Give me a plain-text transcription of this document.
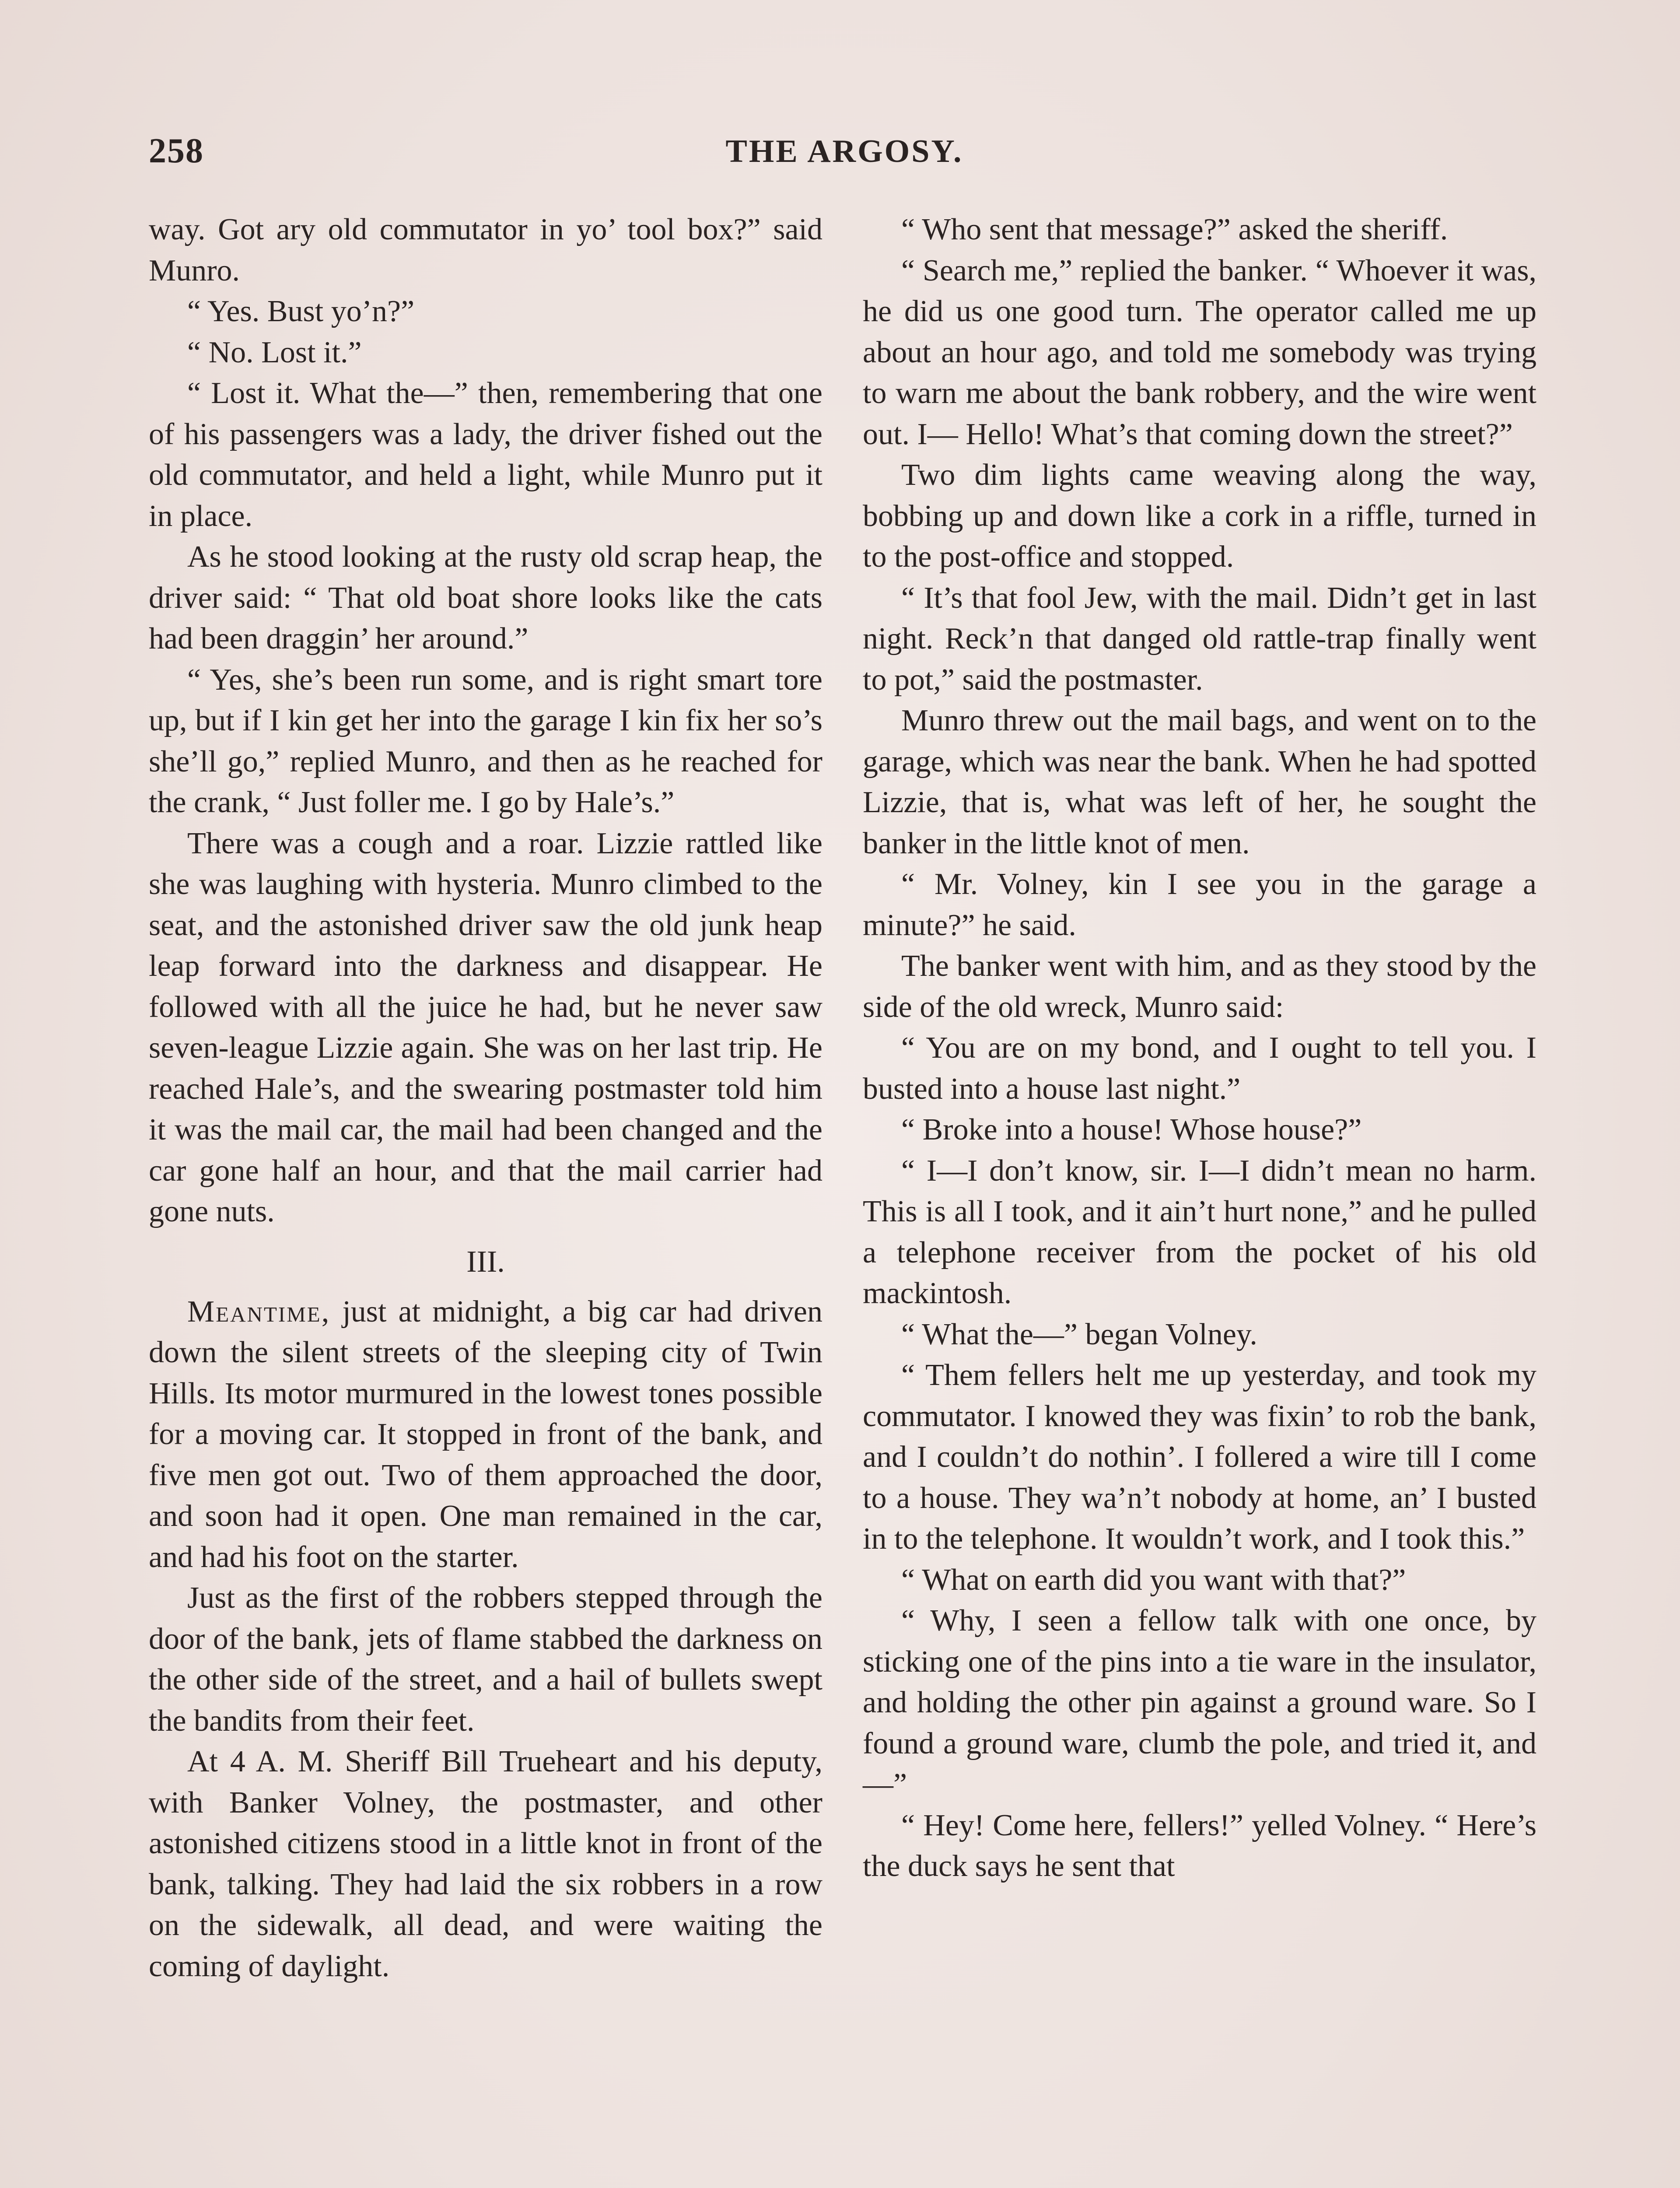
258	THE ARGOSY.

way. Got ary old commutator in yo’ tool box?” said Munro.

“ Yes. Bust yo’n?”

“ No. Lost it.”

“ Lost it. What the—” then, remembering that one of his passengers was a lady, the driver fished out the old commutator, and held a light, while Munro put it in place.

As he stood looking at the rusty old scrap heap, the driver said: “ That old boat shore looks like the cats had been draggin’ her around.”

“ Yes, she’s been run some, and is right smart tore up, but if I kin get her into the garage I kin fix her so’s she’ll go,” replied Munro, and then as he reached for the crank, “ Just foller me. I go by Hale’s.”

There was a cough and a roar. Lizzie rattled like she was laughing with hysteria. Munro climbed to the seat, and the astonished driver saw the old junk heap leap forward into the darkness and disappear. He followed with all the juice he had, but he never saw seven-league Lizzie again. She was on her last trip. He reached Hale’s, and the swearing postmaster told him it was the mail car, the mail had been changed and the car gone half an hour, and that the mail carrier had gone nuts.

III.

Meantime, just at midnight, a big car had driven down the silent streets of the sleeping city of Twin Hills. Its motor murmured in the lowest tones possible for a moving car. It stopped in front of the bank, and five men got out. Two of them approached the door, and soon had it open. One man remained in the car, and had his foot on the starter.

Just as the first of the robbers stepped through the door of the bank, jets of flame stabbed the darkness on the other side of the street, and a hail of bullets swept the bandits from their feet.

At 4 A. M. Sheriff Bill Trueheart and his deputy, with Banker Volney, the postmaster, and other astonished citizens stood in a little knot in front of the bank, talking. They had laid the six robbers in a row on the sidewalk, all dead, and were waiting the coming of daylight.

“ Who sent that message?” asked the sheriff.

“ Search me,” replied the banker. “ Whoever it was, he did us one good turn. The operator called me up about an hour ago, and told me somebody was trying to warn me about the bank robbery, and the wire went out. I— Hello! What’s that coming down the street?”

Two dim lights came weaving along the way, bobbing up and down like a cork in a riffle, turned in to the post-office and stopped.

“ It’s that fool Jew, with the mail. Didn’t get in last night. Reck’n that danged old rattle-trap finally went to pot,” said the postmaster.

Munro threw out the mail bags, and went on to the garage, which was near the bank. When he had spotted Lizzie, that is, what was left of her, he sought the banker in the little knot of men.

“ Mr. Volney, kin I see you in the garage a minute?” he said.

The banker went with him, and as they stood by the side of the old wreck, Munro said:

“ You are on my bond, and I ought to tell you. I busted into a house last night.”

“ Broke into a house! Whose house?”

“ I—I don’t know, sir. I—I didn’t mean no harm. This is all I took, and it ain’t hurt none,” and he pulled a telephone receiver from the pocket of his old mackintosh.

“ What the—” began Volney.

“ Them fellers helt me up yesterday, and took my commutator. I knowed they was fixin’ to rob the bank, and I couldn’t do nothin’. I follered a wire till I come to a house. They wa’n’t nobody at home, an’ I busted in to the telephone. It wouldn’t work, and I took this.”

“ What on earth did you want with that?”

“ Why, I seen a fellow talk with one once, by sticking one of the pins into a tie ware in the insulator, and holding the other pin against a ground ware. So I found a ground ware, clumb the pole, and tried it, and—”

“ Hey! Come here, fellers!” yelled Volney. “ Here’s the duck says he sent that
